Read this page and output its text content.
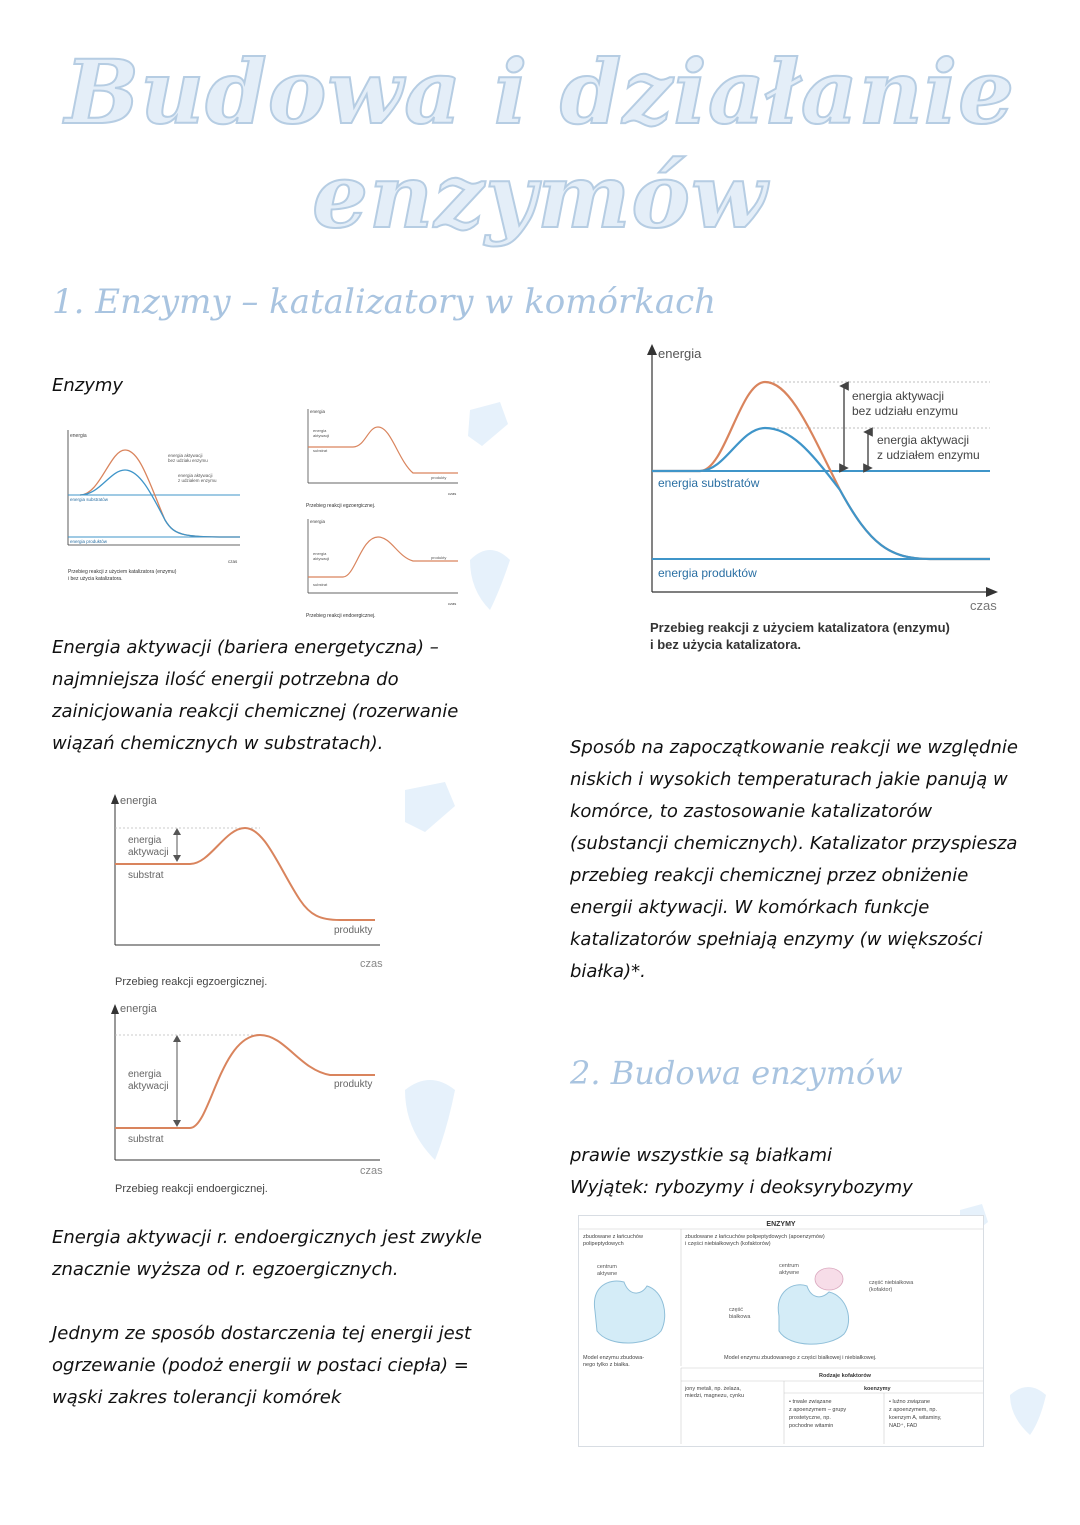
Budowa i działanie enzymów
1. Enzymy – katalizatory w komórkach
Enzymy
energia
energia aktywacji
bez udziału enzymu
energia aktywacji
z udziałem enzymu
energia substratów
energia produktów
czas
Przebieg reakcji z użyciem katalizatora (enzymu)
i bez użycia katalizatora.
energia
energia
aktywacji
substrat
produkty
czas
Przebieg reakcji egzoergicznej.
energia
energia
aktywacji
substrat
produkty
czas
Przebieg reakcji endoergicznej.
energia
czas
energia aktywacji
bez udziału enzymu
energia aktywacji
z udziałem enzymu
energia substratów
energia produktów
Przebieg reakcji z użyciem katalizatora (enzymu)
i bez użycia katalizatora.
Energia aktywacji (bariera energetyczna) – najmniejsza ilość energii potrzebna do zainicjowania reakcji chemicznej (rozerwanie wiązań chemicznych w substratach).	Sposób na zapoczątkowanie reakcji we względnie niskich i wysokich temperaturach jakie panują w komórce, to zastosowanie katalizatorów (substancji chemicznych). Katalizator przyspiesza przebieg reakcji chemicznej przez obniżenie energii aktywacji. W komórkach funkcje katalizatorów spełniają enzymy (w większości białka)*.
energia
czas
energia
aktywacji
substrat
produkty
Przebieg reakcji egzoergicznej.
energia
czas
energia
aktywacji
substrat
produkty
Przebieg reakcji endoergicznej.
2. Budowa enzymów
prawie wszystkie są białkami
Wyjątek: rybozymy i deoksyrybozymy
Energia aktywacji r. endoergicznych jest zwykle znacznie wyższa od r. egzoergicznych.
Jednym ze sposób dostarczenia tej energii jest ogrzewanie (podoż energii w postaci ciepła) = wąski zakres tolerancji komórek
ENZYMY
zbudowane z łańcuchów
polipeptydowych
zbudowane z łańcuchów polipeptydowych (apoenzymów)
i części niebiałkowych (kofaktorów)
centrum
aktywne
centrum
aktywne
część niebiałkowa
(kofaktor)
część
białkowa
Model enzymu zbudowa-
nego tylko z białka.
Model enzymu zbudowanego z części białkowej i niebiałkowej.
Rodzaje kofaktorów
jony metali, np. żelaza,
miedzi, magnezu, cynku
koenzymy
• trwale związane
z apoenzymem – grupy
prostetyczne, np.
pochodne witamin
• luźno związane
z apoenzymem, np.
koenzym A, witaminy,
NAD⁺, FAD
